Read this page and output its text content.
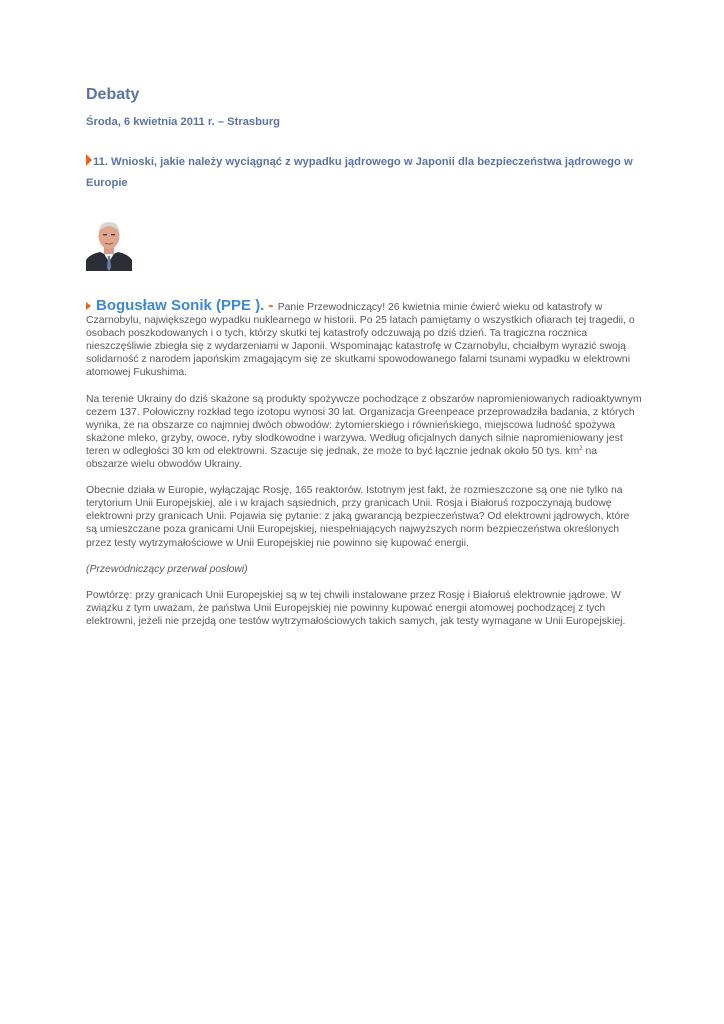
Debaty
Środa, 6 kwietnia 2011 r. – Strasburg
11. Wnioski, jakie należy wyciągnąć z wypadku jądrowego w Japonii dla bezpieczeństwa jądrowego w Europie

Bogusław Sonik (PPE ). - Panie Przewodniczący! 26 kwietnia minie ćwierć wieku od katastrofy w Czarnobylu, największego wypadku nuklearnego w historii. Po 25 latach pamiętamy o wszystkich ofiarach tej tragedii, o osobach poszkodowanych i o tych, którzy skutki tej katastrofy odczuwają po dziś dzień. Ta tragiczna rocznica nieszczęśliwie zbiegła się z wydarzeniami w Japonii. Wspominając katastrofę w Czarnobylu, chciałbym wyrazić swoją solidarność z narodem japońskim zmagającym się ze skutkami spowodowanego falami tsunami wypadku w elektrowni atomowej Fukushima.

Na terenie Ukrainy do dziś skażone są produkty spożywcze pochodzące z obszarów napromieniowanych radioaktywnym cezem 137. Połowiczny rozkład tego izotopu wynosi 30 lat. Organizacja Greenpeace przeprowadziła badania, z których wynika, że na obszarze co najmniej dwóch obwodów: żytomierskiego i równieńskiego, miejscowa ludność spożywa skażone mleko, grzyby, owoce, ryby słodkowodne i warzywa. Według oficjalnych danych silnie napromieniowany jest teren w odległości 30 km od elektrowni. Szacuje się jednak, że może to być łącznie jednak około 50 tys. $km^2$ na obszarze wielu obwodów Ukrainy.

Obecnie działa w Europie, wyłączając Rosję, 165 reaktorów. Istotnym jest fakt, że rozmieszczone są one nie tylko na terytorium Unii Europejskiej, ale i w krajach sąsiednich, przy granicach Unii. Rosja i Białoruś rozpoczynają budowę elektrowni przy granicach Unii. Pojawia się pytanie: z jaką gwarancją bezpieczeństwa? Od elektrowni jądrowych, które są umieszczane poza granicami Unii Europejskiej, niespełniających najwyższych norm bezpieczeństwa określonych przez testy wytrzymałościowe w Unii Europejskiej nie powinno się kupować energii.

(Przewodniczący przerwał posłowi)

Powtórzę: przy granicach Unii Europejskiej są w tej chwili instalowane przez Rosję i Białoruś elektrownie jądrowe. W związku z tym uważam, że państwa Unii Europejskiej nie powinny kupować energii atomowej pochodzącej z tych elektrowni, jeżeli nie przejdą one testów wytrzymałościowych takich samych, jak testy wymagane w Unii Europejskiej.
